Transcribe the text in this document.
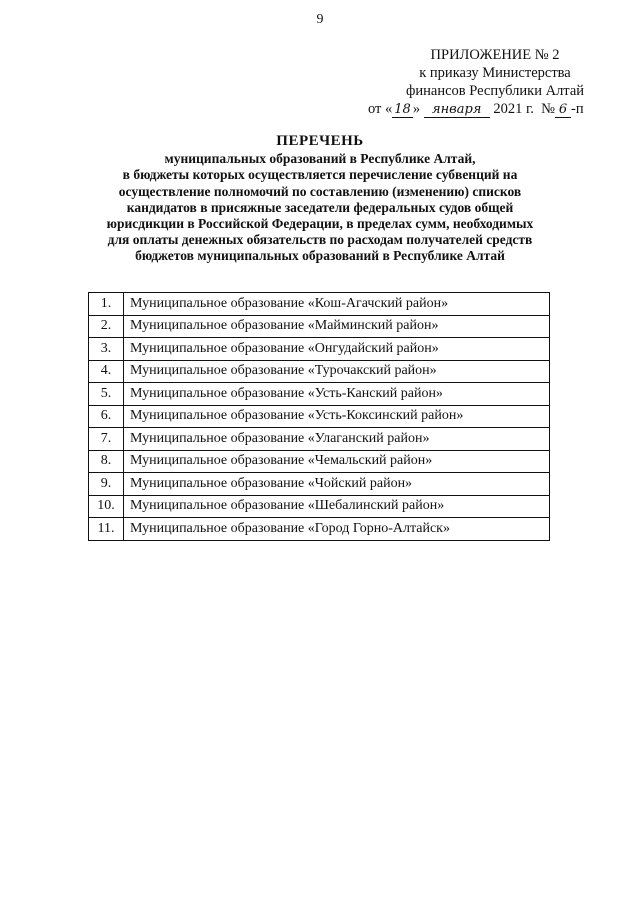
9
ПРИЛОЖЕНИЕ № 2
к приказу Министерства
финансов Республики Алтай
от « 18 » января 2021 г. № 6 -п
ПЕРЕЧЕНЬ
муниципальных образований в Республике Алтай,
в бюджеты которых осуществляется перечисление субвенций на
осуществление полномочий по составлению (изменению) списков
кандидатов в присяжные заседатели федеральных судов общей
юрисдикции в Российской Федерации, в пределах сумм, необходимых
для оплаты денежных обязательств по расходам получателей средств
бюджетов муниципальных образований в Республике Алтай
1.	Муниципальное образование «Кош-Агачский район»
2.	Муниципальное образование «Майминский район»
3.	Муниципальное образование «Онгудайский район»
4.	Муниципальное образование «Турочакский район»
5.	Муниципальное образование «Усть-Канский район»
6.	Муниципальное образование «Усть-Коксинский район»
7.	Муниципальное образование «Улаганский район»
8.	Муниципальное образование «Чемальский район»
9.	Муниципальное образование «Чойский район»
10.	Муниципальное образование «Шебалинский район»
11.	Муниципальное образование «Город Горно-Алтайск»
